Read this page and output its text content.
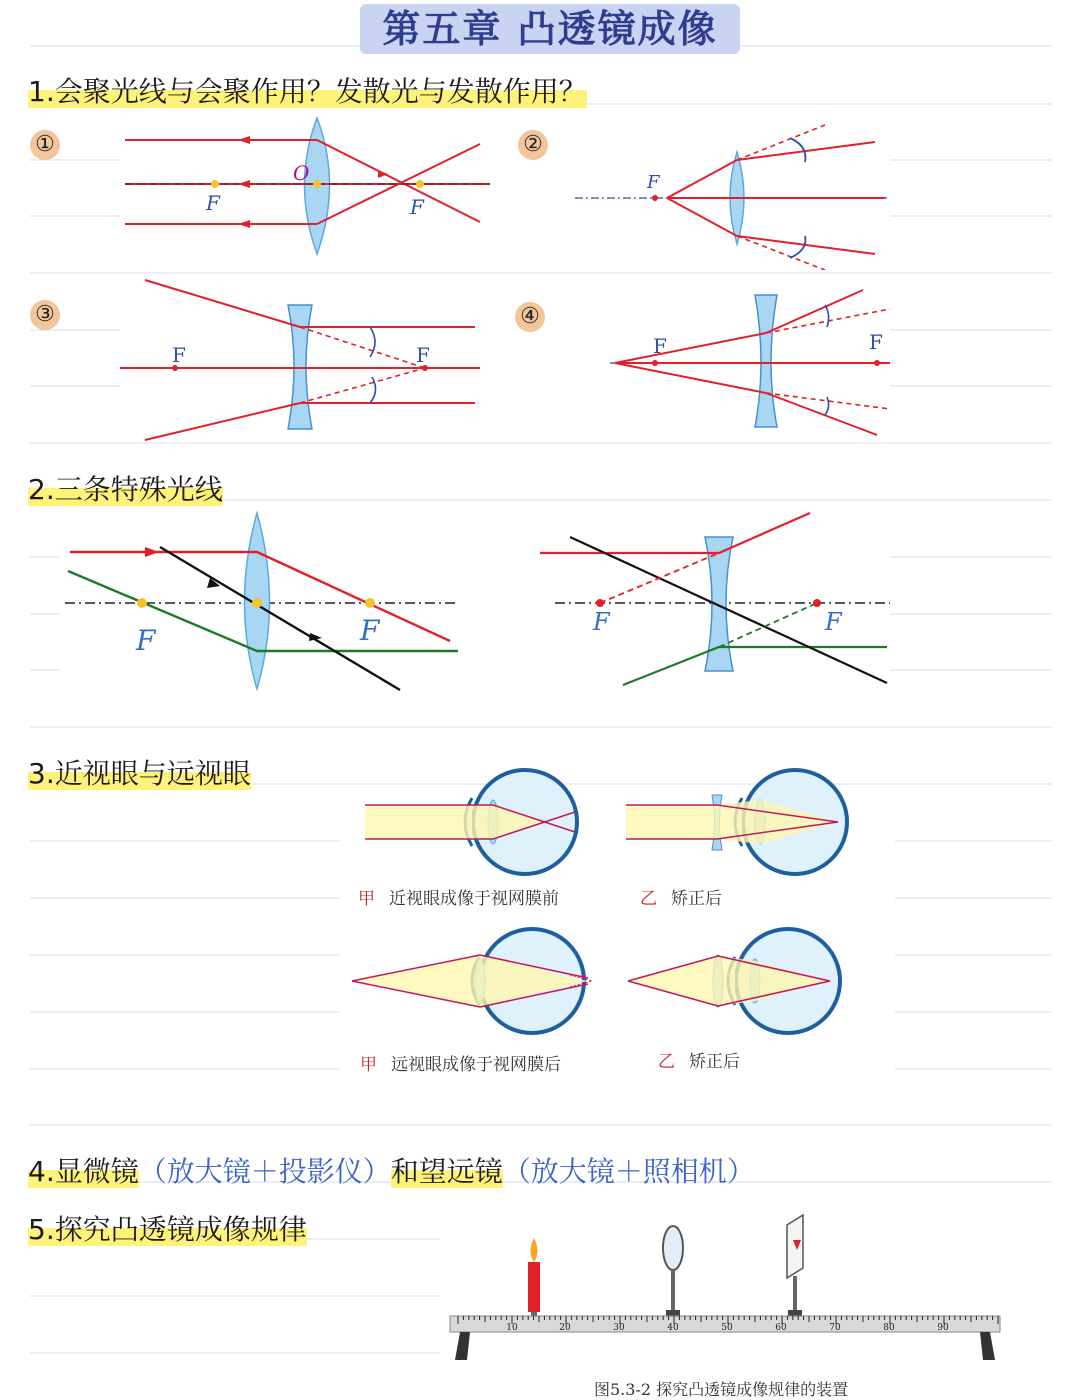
第五章 凸透镜成像
1.会聚光线与会聚作用？发散光与发散作用？
①	②
③	④
F
O
F
F
F	F	F	F
2.三条特殊光线
F	F	F	F
3.近视眼与远视眼
甲 近视眼成像于视网膜前	乙 矫正后
甲 远视眼成像于视网膜后	乙 矫正后
4.显微镜（放大镜＋投影仪）和望远镜（放大镜＋照相机）
5.探究凸透镜成像规律
10	20	30	40	50	60	70	80	90
图5.3-2 探究凸透镜成像规律的装置
